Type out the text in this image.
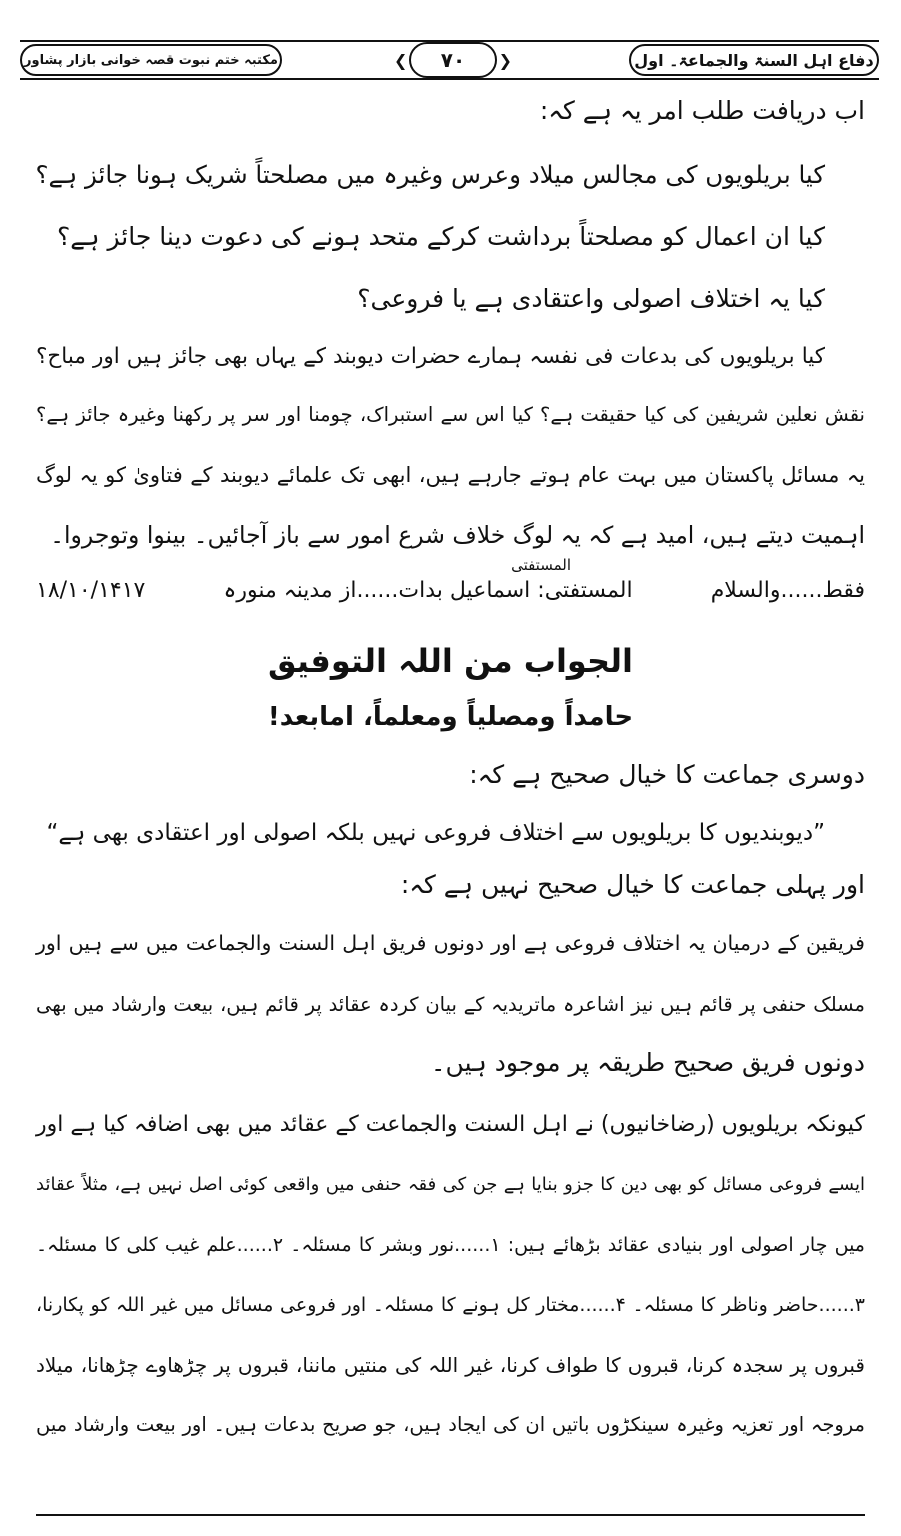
دفاع اہل السنۃ والجماعۃ۔ اول
❮	۷۰	❯
مکتبہ ختم نبوت قصہ خوانی بازار پشاور
اب دریافت طلب امر یہ ہے کہ:
کیا بریلویوں کی مجالس میلاد وعرس وغیرہ میں مصلحتاً شریک ہونا جائز ہے؟
کیا ان اعمال کو مصلحتاً برداشت کرکے متحد ہونے کی دعوت دینا جائز ہے؟
کیا یہ اختلاف اصولی واعتقادی ہے یا فروعی؟
کیا بریلویوں کی بدعات فی نفسہ ہمارے حضرات دیوبند کے یہاں بھی جائز ہیں اور مباح؟
نقش نعلین شریفین کی کیا حقیقت ہے؟ کیا اس سے استبراک، چومنا اور سر پر رکھنا وغیرہ جائز ہے؟
یہ مسائل پاکستان میں بہت عام ہوتے جارہے ہیں، ابھی تک علمائے دیوبند کے فتاویٰ کو یہ لوگ
اہمیت دیتے ہیں، امید ہے کہ یہ لوگ خلاف شرع امور سے باز آجائیں۔ بینوا وتوجروا۔
فقط......والسلام
المستفتی: اسماعیل بدات......از مدینہ منورہ
۱۸/۱۰/۱۴۱۷
المستفتی
الجواب من اللہ التوفیق
حامداً ومصلیاً ومعلماً، امابعد!
دوسری جماعت کا خیال صحیح ہے کہ:
”دیوبندیوں کا بریلویوں سے اختلاف فروعی نہیں بلکہ اصولی اور اعتقادی بھی ہے“
اور پہلی جماعت کا خیال صحیح نہیں ہے کہ:
فریقین کے درمیان یہ اختلاف فروعی ہے اور دونوں فریق اہل السنت والجماعت میں سے ہیں اور
مسلک حنفی پر قائم ہیں نیز اشاعرہ ماتریدیہ کے بیان کردہ عقائد پر قائم ہیں، بیعت وارشاد میں بھی
دونوں فریق صحیح طریقہ پر موجود ہیں۔
کیونکہ بریلویوں (رضاخانیوں) نے اہل السنت والجماعت کے عقائد میں بھی اضافہ کیا ہے اور
ایسے فروعی مسائل کو بھی دین کا جزو بنایا ہے جن کی فقہ حنفی میں واقعی کوئی اصل نہیں ہے، مثلاً عقائد
میں چار اصولی اور بنیادی عقائد بڑھائے ہیں: ۱......نور وبشر کا مسئلہ۔ ۲......علم غیب کلی کا مسئلہ۔
۳......حاضر وناظر کا مسئلہ۔ ۴......مختار کل ہونے کا مسئلہ۔ اور فروعی مسائل میں غیر اللہ کو پکارنا،
قبروں پر سجدہ کرنا، قبروں کا طواف کرنا، غیر اللہ کی منتیں ماننا، قبروں پر چڑھاوے چڑھانا، میلاد
مروجہ اور تعزیہ وغیرہ سینکڑوں باتیں ان کی ایجاد ہیں، جو صریح بدعات ہیں۔ اور بیعت وارشاد میں
